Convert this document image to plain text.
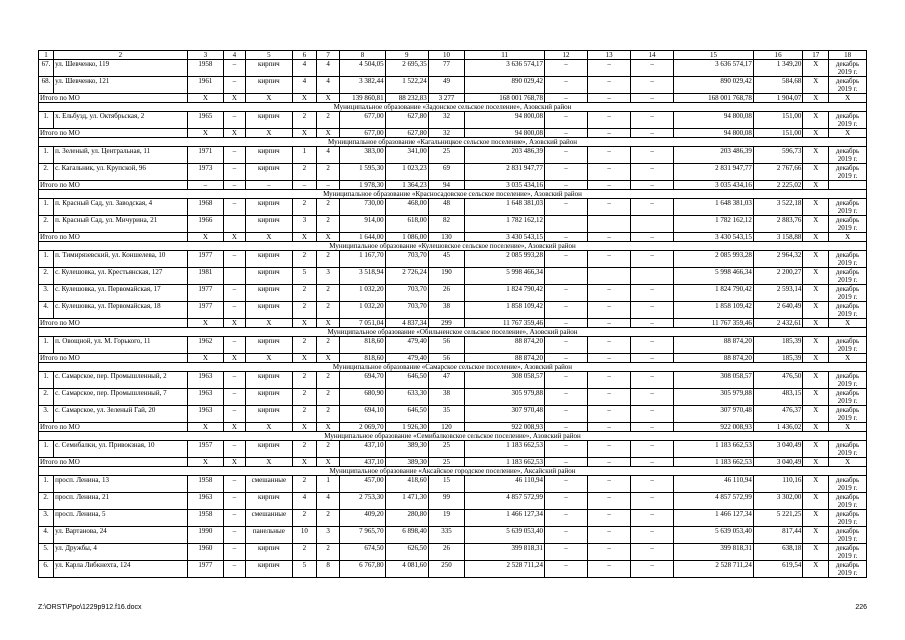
1	2	3	4	5	6	7	8	9	10	11	12	13	14	15	16	17	18
67.	ул. Шевченко, 119	1958	–	кирпич	4	4	4 504,05	2 695,35	77	3 636 574,17	–	–	–	3 636 574,17	1 349,20	Х	декабрь 2019 г.
68.	ул. Шевченко, 121	1961	–	кирпич	4	4	3 382,44	1 522,24	49	890 029,42	–	–	–	890 029,42	584,68	Х	декабрь 2019 г.
Итого по МО		Х	Х	Х	Х	Х	139 860,81	88 232,83	3 277	168 001 768,78	–	–	–	168 001 768,78	1 904,07	Х	Х
Муниципальное образование «Задонское сельское поселение», Азовский район																	
1.	х. Ельбузд, ул. Октябрьская, 2	1965	–	кирпич	2	2	677,00	627,80	32	94 800,08	–	–	–	94 800,08	151,00	Х	декабрь 2019 г.
Итого по МО		Х	Х	Х	Х	Х	677,00	627,80	32	94 800,08	–	–	–	94 800,08	151,00	Х	Х
Муниципальное образование «Кагальницкое сельское поселение», Азовский район																	
1.	п. Зеленый, ул. Центральная, 11	1971	–	кирпич	1	4	383,00	341,00	25	203 486,39	–	–	–	203 486,39	596,73	Х	декабрь 2019 г.
2.	с. Кагальник, ул. Крупской, 96	1973	–	кирпич	2	2	1 595,30	1 023,23	69	2 831 947,77	–	–	–	2 831 947,77	2 767,66	Х	декабрь 2019 г.
Итого по МО		–	–	–	–	–	1 978,30	1 364,23	94	3 035 434,16	–	–	–	3 035 434,16	2 225,02	Х	
Муниципальное образование «Красносадовское сельское поселение», Азовский район																	
1.	п. Красный Сад, ул. Заводская, 4	1968	–	кирпич	2	2	730,00	468,00	48	1 648 381,03	–	–	–	1 648 381,03	3 522,18	Х	декабрь 2019 г.
2.	п. Красный Сад, ул. Мичурина, 21	1966		кирпич	3	2	914,00	618,00	82	1 782 162,12				1 782 162,12	2 883,76	Х	декабрь 2019 г.
Итого по МО		Х	Х	Х	Х	Х	1 644,00	1 086,00	130	3 430 543,15	–	–	–	3 430 543,15	3 158,88	Х	Х
Муниципальное образование «Кулешовское сельское поселение», Азовский район																	
1.	п. Тимирязевский, ул. Коншелева, 10	1977	–	кирпич	2	2	1 167,70	703,70	45	2 085 993,28	–	–	–	2 085 993,28	2 964,32	Х	декабрь 2019 г.
2.	с. Кулешовка, ул. Крестьянская, 127	1981		кирпич	5	3	3 518,94	2 726,24	190	5 998 466,34				5 998 466,34	2 200,27	Х	декабрь 2019 г.
3.	с. Кулешовка, ул. Первомайская, 17	1977	–	кирпич	2	2	1 032,20	703,70	26	1 824 790,42	–	–	–	1 824 790,42	2 593,14	Х	декабрь 2019 г.
4.	с. Кулешовка, ул. Первомайская, 18	1977	–	кирпич	2	2	1 032,20	703,70	38	1 858 109,42	–	–	–	1 858 109,42	2 640,49	Х	декабрь 2019 г.
Итого по МО		Х	Х	Х	Х	Х	7 051,04	4 837,34	299	11 767 359,46	–	–	–	11 767 359,46	2 432,61	Х	Х
Муниципальное образование «Обильненское сельское поселение», Азовский район																	
1.	п. Овощной, ул. М. Горького, 11	1962	–	кирпич	2	2	818,60	479,40	56	88 874,20	–	–	–	88 874,20	185,39	Х	декабрь 2019 г.
Итого по МО		Х	Х	Х	Х	Х	818,60	479,40	56	88 874,20	–	–	–	88 874,20	185,39	Х	Х
Муниципальное образование «Самарское сельское поселение», Азовский район																	
1.	с. Самарское, пер. Промышленный, 2	1963	–	кирпич	2	2	694,70	646,50	47	308 058,57	–	–	–	308 058,57	476,50	Х	декабрь 2019 г.
2.	с. Самарское, пер. Промышленный, 7	1963	–	кирпич	2	2	680,90	633,30	38	305 979,88	–	–	–	305 979,88	483,15	Х	декабрь 2019 г.
3.	с. Самарское, ул. Зеленый Гай, 20	1963	–	кирпич	2	2	694,10	646,50	35	307 970,48	–	–	–	307 970,48	476,37	Х	декабрь 2019 г.
Итого по МО		Х	Х	Х	Х	Х	2 069,70	1 926,30	120	922 008,93	–	–	–	922 008,93	1 436,02	Х	Х
Муниципальное образование «Семибалковское сельское поселение», Азовский район																	
1.	с. Семибалки, ул. Привокзная, 10	1957	–	кирпич	2	2	437,10	389,30	25	1 183 662,53	–	–	–	1 183 662,53	3 040,49	Х	декабрь 2019 г.
Итого по МО		Х	Х	Х	Х	Х	437,10	389,30	25	1 183 662,53	–	–	–	1 183 662,53	3 040,49	Х	Х
Муниципальное образование «Аксайское городское поселение», Аксайский район																	
1.	просп. Ленина, 13	1958	–	смешанные	2	1	457,00	418,60	15	46 110,94	–	–	–	46 110,94	110,16	Х	декабрь 2019 г.
2.	просп. Ленина, 21	1963	–	кирпич	4	4	2 753,30	1 471,30	99	4 857 572,99	–	–	–	4 857 572,99	3 302,00	Х	декабрь 2019 г.
3.	просп. Ленина, 5	1958	–	смешанные	2	2	409,20	280,80	19	1 466 127,34	–	–	–	1 466 127,34	5 221,25	Х	декабрь 2019 г.
4.	ул. Вартанова, 24	1990	–	панельные	10	3	7 965,70	6 898,40	335	5 639 053,40	–	–	–	5 639 053,40	817,44	Х	декабрь 2019 г.
5.	ул. Дружбы, 4	1960	–	кирпич	2	2	674,50	626,50	26	399 818,31	–	–	–	399 818,31	638,18	Х	декабрь 2019 г.
6.	ул. Карла Либкнехта, 124	1977	–	кирпич	5	8	6 767,80	4 081,60	250	2 528 711,24	–	–	–	2 528 711,24	619,54	Х	декабрь 2019 г.
Z:\ORST\Ppo\1229p912.f16.docx	226
